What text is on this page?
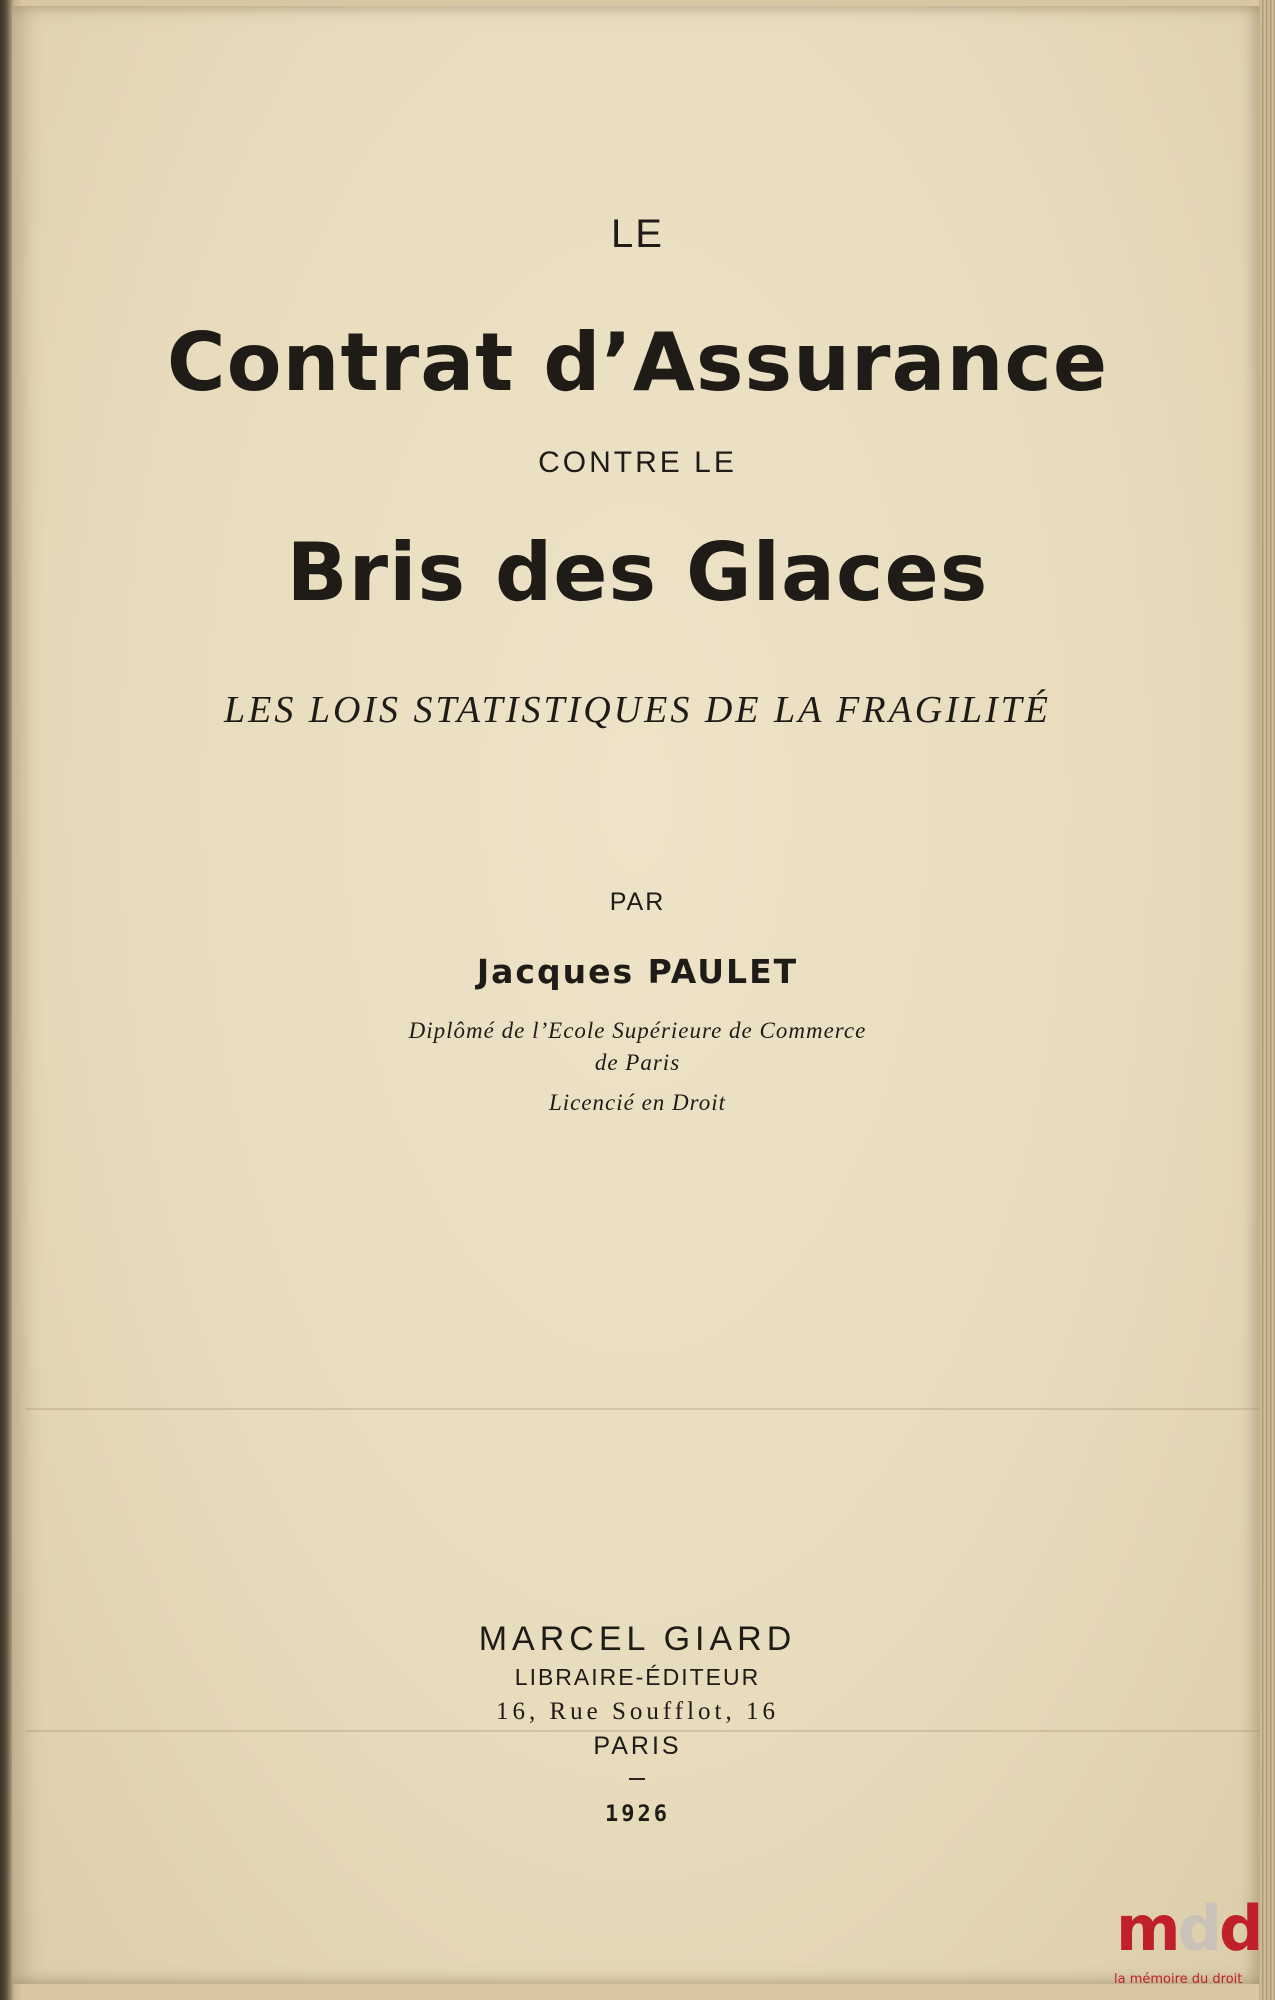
LE
Contrat d’Assurance
CONTRE LE
Bris des Glaces
LES LOIS STATISTIQUES DE LA FRAGILITÉ
PAR
Jacques PAULET
Diplômé de l’Ecole Supérieure de Commerce
de Paris
Licencié en Droit
MARCEL GIARD
LIBRAIRE-ÉDITEUR
16, Rue Soufflot, 16
PARIS
1926
mdd
la mémoire du droit
